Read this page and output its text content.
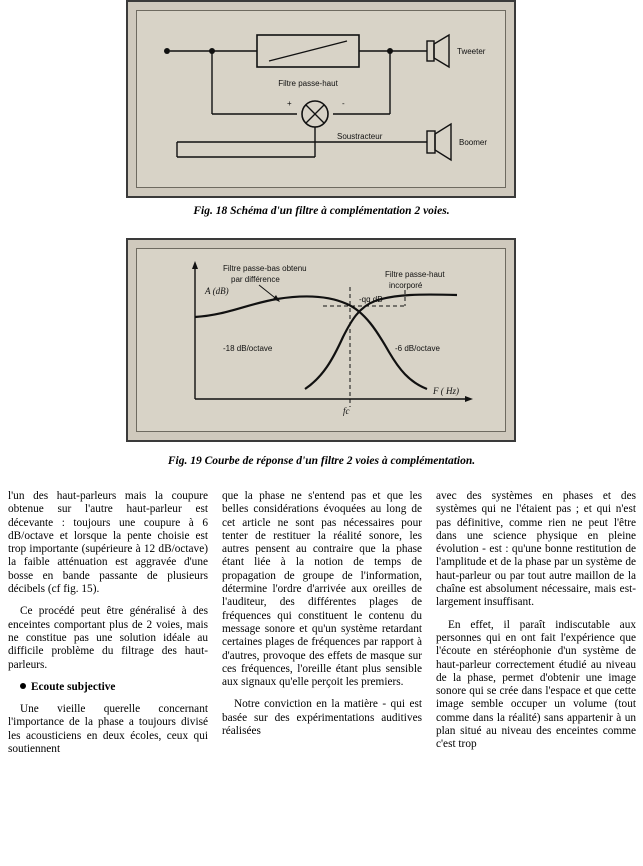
Filtre passe-haut
Tweeter
+	-
Soustracteur
Boomer
Fig. 18 Schéma d'un filtre à complémentation 2 voies.
A (dB)
F ( Hz)
fc
-qq dB
Filtre passe-bas obtenu
par différence
Filtre passe-haut
incorporé
-18 dB/octave	-6 dB/octave
Fig. 19 Courbe de réponse d'un filtre 2 voies à complémentation.

l'un des haut-parleurs mais la coupure obtenue sur l'autre haut-parleur est décevante : toujours une coupure à 6 dB/octave et lorsque la pente choisie est trop importante (supérieure à 12 dB/octave) la faible atténuation est aggravée d'une bosse en bande passante de plusieurs décibels (cf fig. 15).

Ce procédé peut être généralisé à des enceintes comportant plus de 2 voies, mais ne constitue pas une solution idéale au difficile problème du filtrage des haut-parleurs.

Ecoute subjective

Une vieille querelle concernant l'importance de la phase a toujours divisé les acousticiens en deux écoles, ceux qui soutiennent

que la phase ne s'entend pas et que les belles considérations évoquées au long de cet article ne sont pas nécessaires pour tenter de restituer la réalité sonore, les autres pensent au contraire que la phase étant liée à la notion de temps de propagation de groupe de l'information, détermine l'ordre d'arrivée aux oreilles de l'auditeur, des différentes plages de fréquences qui constituent le contenu du message sonore et qu'un système retardant certaines plages de fréquences par rapport à d'autres, provoque des effets de masque sur ces fréquences, l'oreille étant plus sensible aux signaux qu'elle perçoit les premiers.

Notre conviction en la matière - qui est basée sur des expérimentations auditives réalisées

avec des systèmes en phases et des systèmes qui ne l'étaient pas ; et qui n'est pas définitive, comme rien ne peut l'être dans une science physique en pleine évolution - est : qu'une bonne restitution de l'amplitude et de la phase par un système de haut-parleur ou par tout autre maillon de la chaîne est absolument nécessaire, mais est-largement insuffisant.

En effet, il paraît indiscutable aux personnes qui en ont fait l'expérience que l'écoute en stéréophonie d'un système de haut-parleur correctement étudié au niveau de la phase, permet d'obtenir une image sonore qui se crée dans l'espace et que cette image semble occuper un volume (tout comme dans la réalité) sans appartenir à un plan situé au niveau des enceintes comme c'est trop
